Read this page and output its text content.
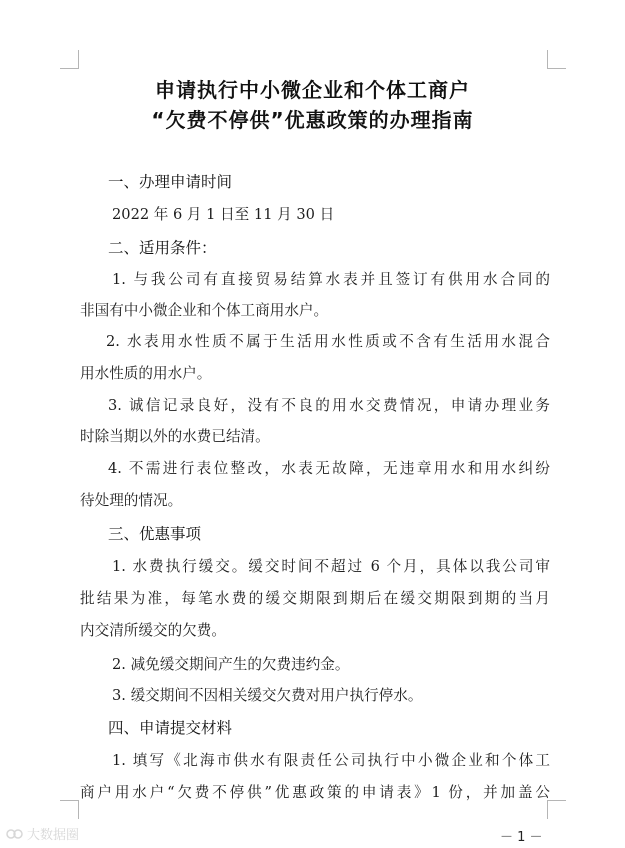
申请执行中小微企业和个体工商户
“欠费不停供”优惠政策的办理指南
一、办理申请时间
2022 年 6 月 1 日至 11 月 30 日
二、适用条件：
1. 与我公司有直接贸易结算水表并且签订有供用水合同的
非国有中小微企业和个体工商用水户。
2. 水表用水性质不属于生活用水性质或不含有生活用水混合
用水性质的用水户。
3. 诚信记录良好，没有不良的用水交费情况，申请办理业务
时除当期以外的水费已结清。
4. 不需进行表位整改，水表无故障，无违章用水和用水纠纷
待处理的情况。
三、优惠事项
1. 水费执行缓交。缓交时间不超过 6 个月，具体以我公司审
批结果为准，每笔水费的缓交期限到期后在缓交期限到期的当月
内交清所缓交的欠费。
2. 减免缓交期间产生的欠费违约金。
3. 缓交期间不因相关缓交欠费对用户执行停水。
四、申请提交材料
1. 填写《北海市供水有限责任公司执行中小微企业和个体工
商户用水户“欠费不停供”优惠政策的申请表》1 份，并加盖公
－ 1 －
大数据圈
